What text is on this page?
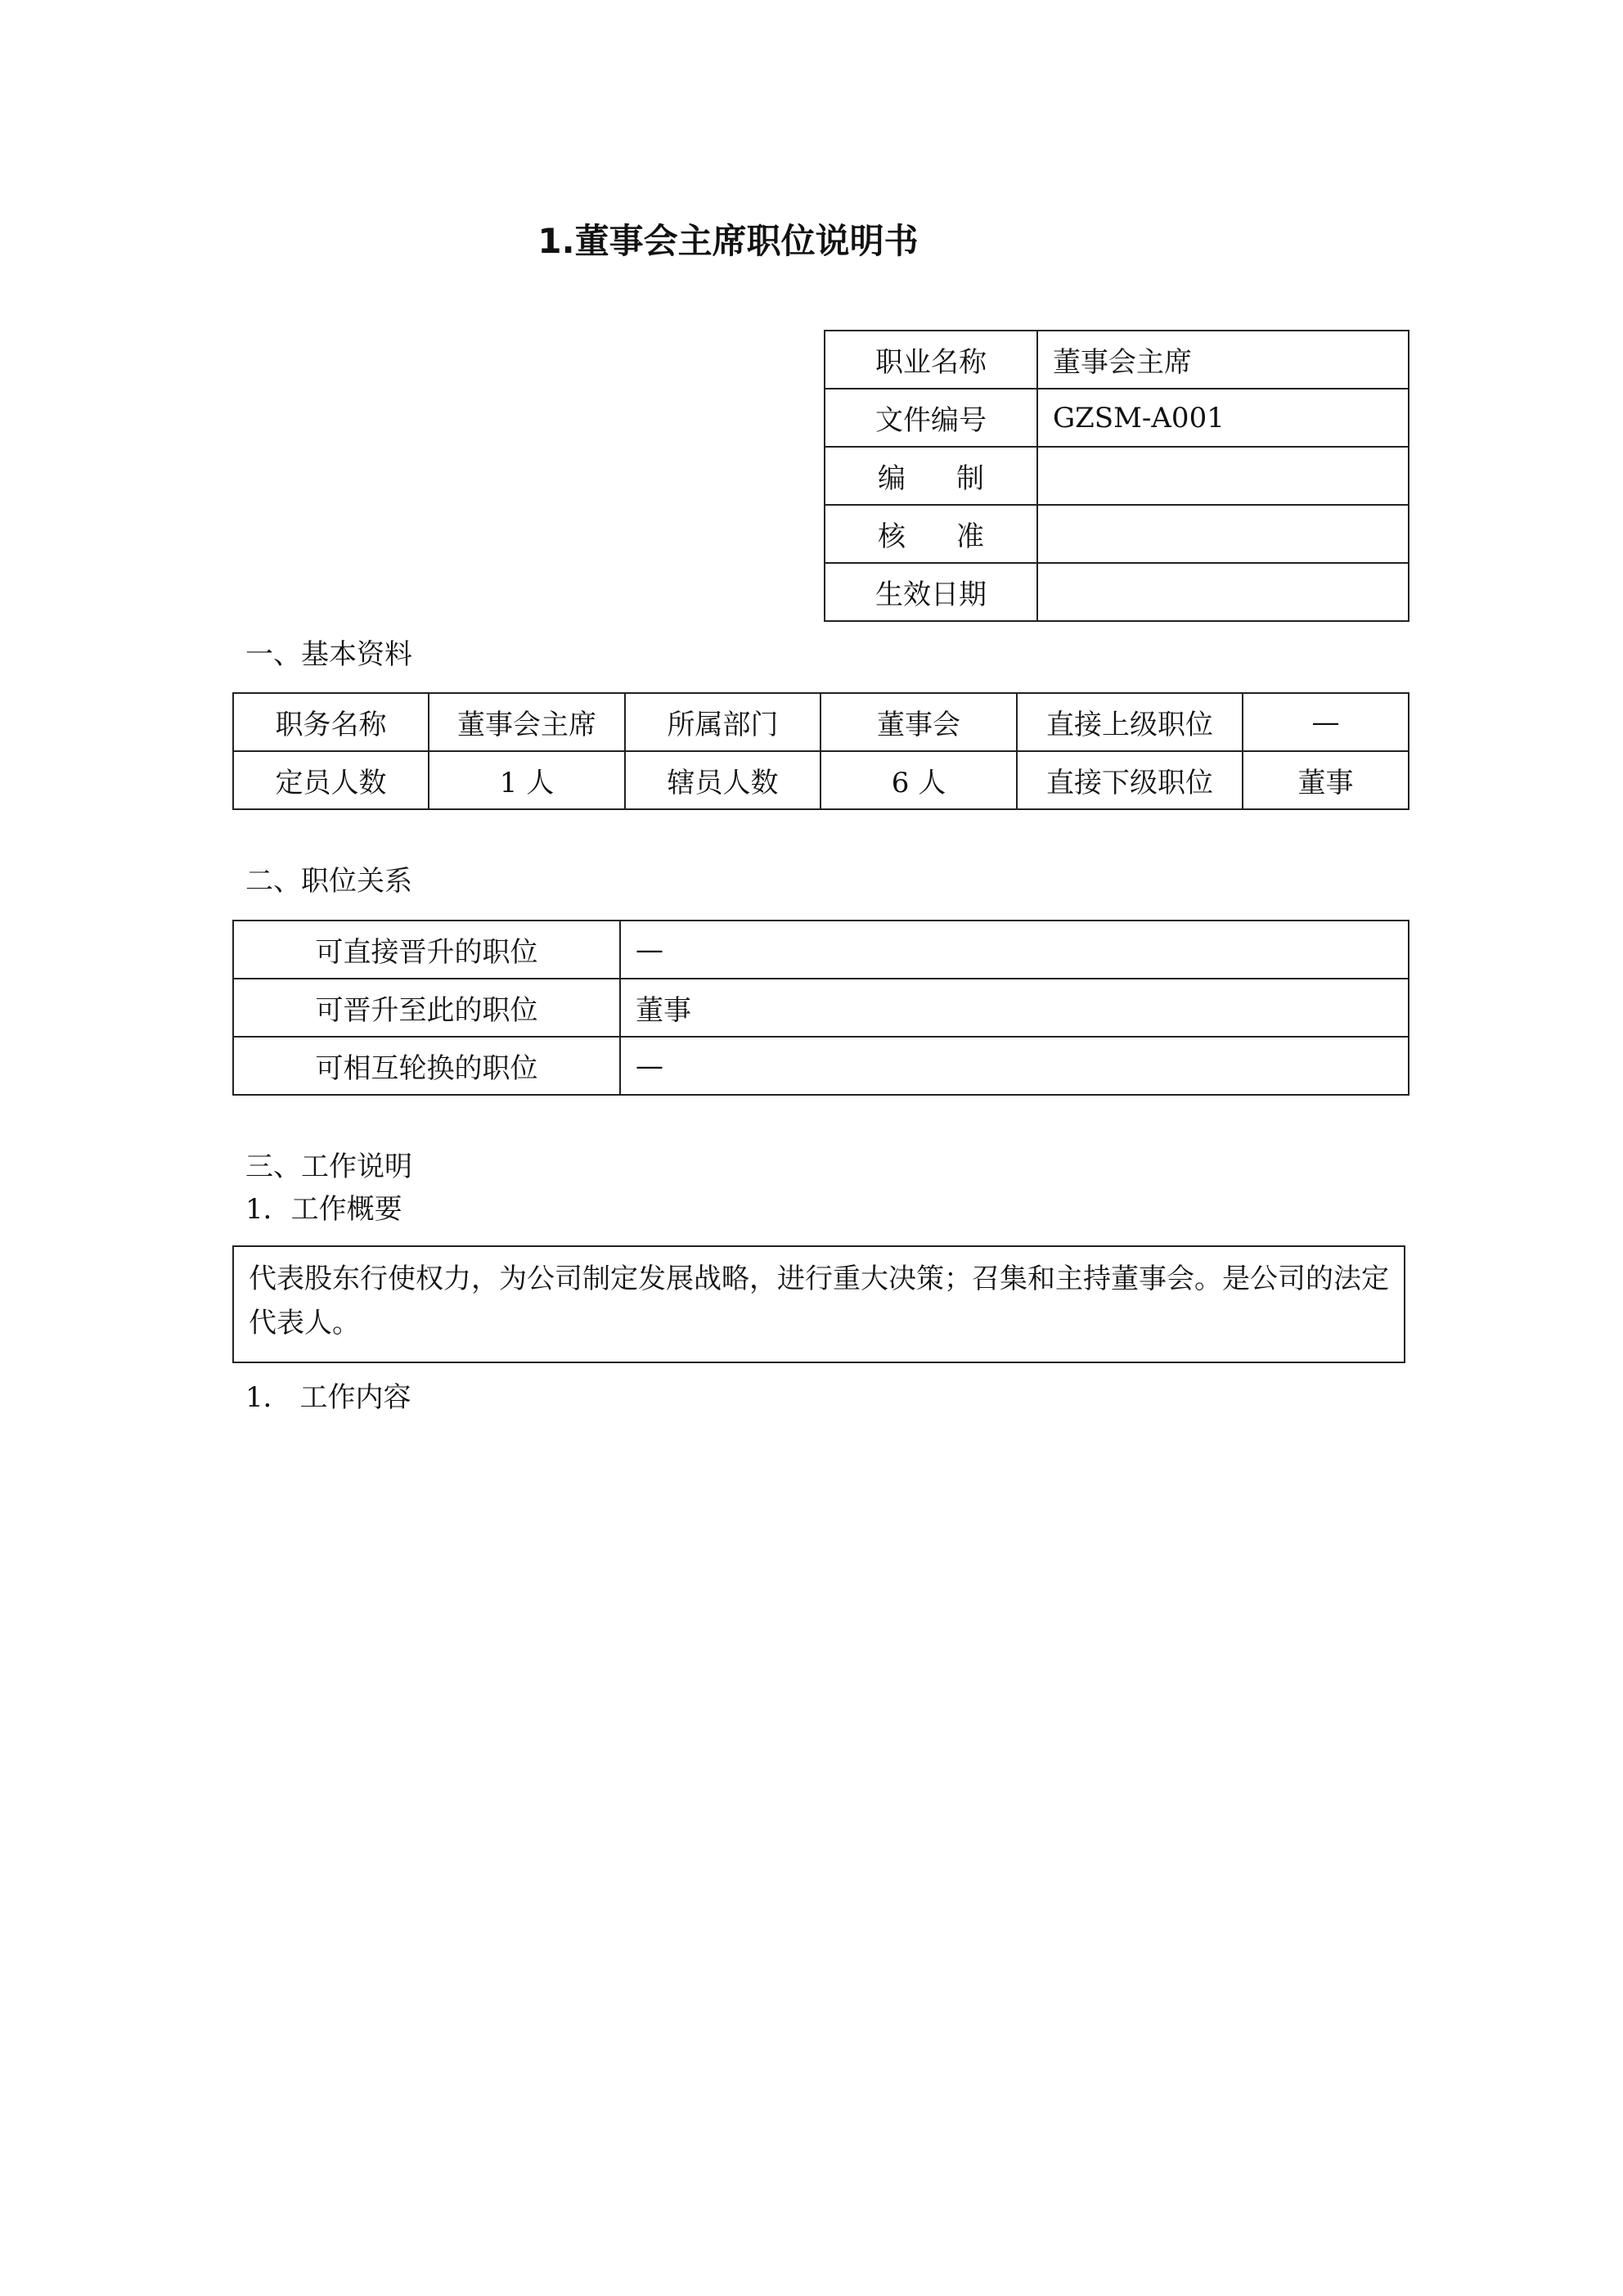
1.董事会主席职位说明书
职业名称	董事会主席
文件编号	GZSM-A001

编 制	

核 准	

生效日期	
一、基本资料
职务名称	董事会主席	所属部门	董事会	直接上级职位	—
定员人数	1 人	辖员人数	6 人	直接下级职位	董事
二、职位关系
可直接晋升的职位	—
可晋升至此的职位	董事
可相互轮换的职位	—
三、工作说明
1．工作概要
代表股东行使权力，为公司制定发展战略，进行重大决策；召集和主持董事会。是公司的法定代表人。
1． 工作内容
